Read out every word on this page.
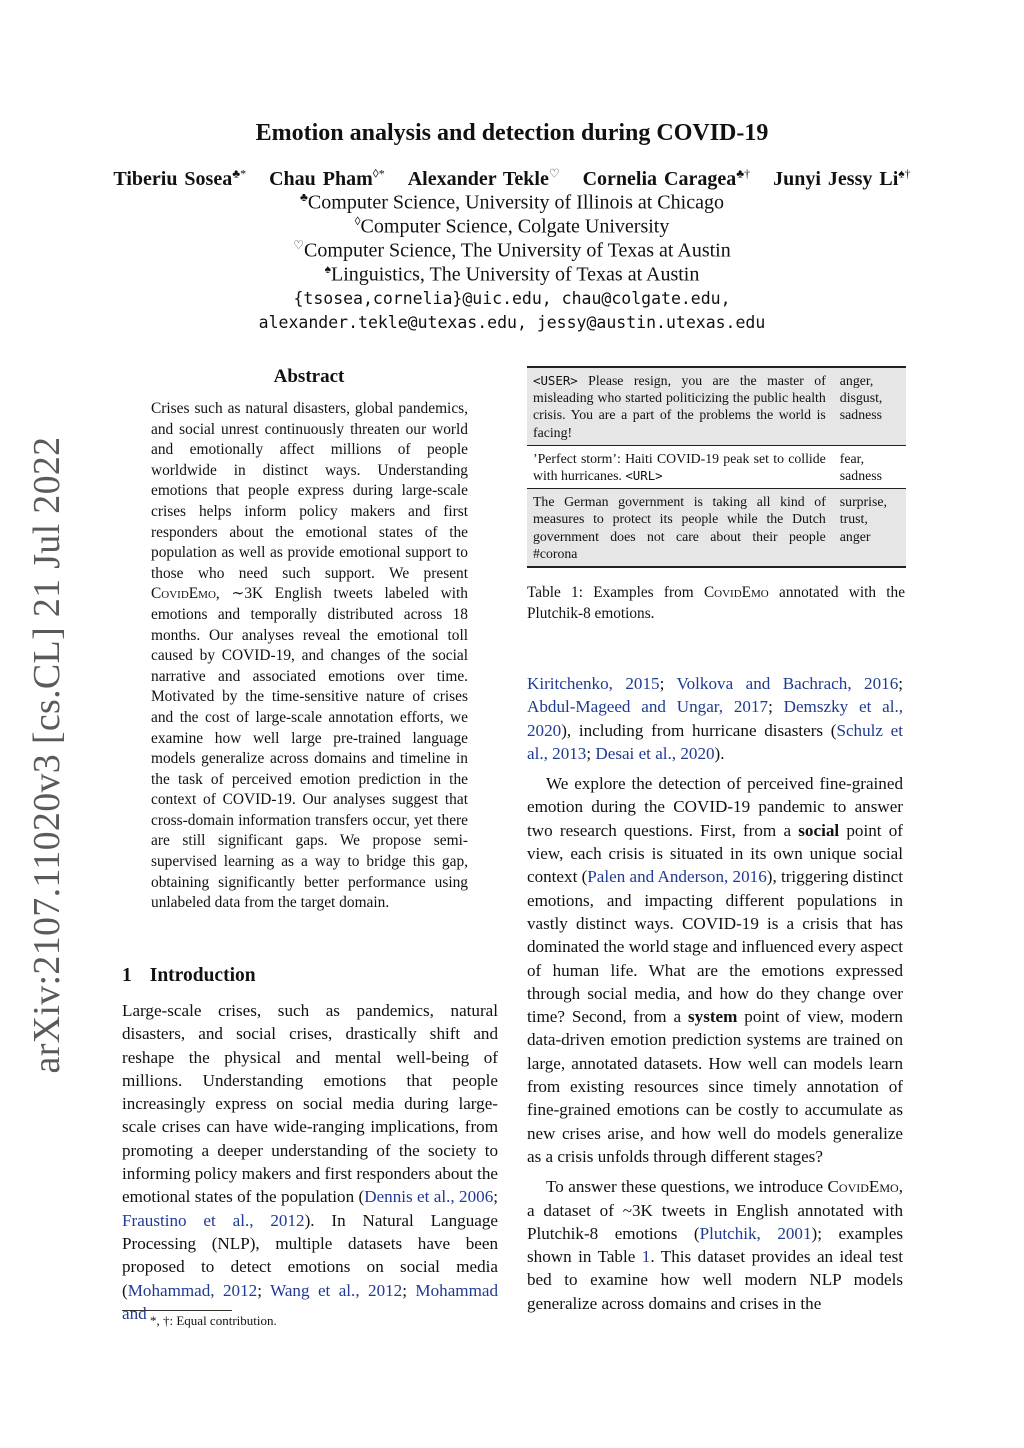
arXiv:2107.11020v3 [cs.CL] 21 Jul 2022
Emotion analysis and detection during COVID-19
Tiberiu Sosea♣* Chau Pham◊* Alexander Tekle♡ Cornelia Caragea♣† Junyi Jessy Li♠†
♣Computer Science, University of Illinois at Chicago
◊Computer Science, Colgate University
♡Computer Science, The University of Texas at Austin
♠Linguistics, The University of Texas at Austin
{tsosea,cornelia}@uic.edu, chau@colgate.edu,
alexander.tekle@utexas.edu, jessy@austin.utexas.edu
Abstract
Crises such as natural disasters, global pandemics, and social unrest continuously threaten our world and emotionally affect millions of people worldwide in distinct ways. Understanding emotions that people express during large-scale crises helps inform policy makers and first responders about the emotional states of the population as well as provide emotional support to those who need such support. We present CovidEmo, ∼3K English tweets labeled with emotions and temporally distributed across 18 months. Our analyses reveal the emotional toll caused by COVID-19, and changes of the social narrative and associated emotions over time. Motivated by the time-sensitive nature of crises and the cost of large-scale annotation efforts, we examine how well large pre-trained language models generalize across domains and timeline in the task of perceived emotion prediction in the context of COVID-19. Our analyses suggest that cross-domain information transfers occur, yet there are still significant gaps. We propose semi-supervised learning as a way to bridge this gap, obtaining significantly better performance using unlabeled data from the target domain.
1 Introduction
Large-scale crises, such as pandemics, natural disasters, and social crises, drastically shift and reshape the physical and mental well-being of millions. Understanding emotions that people increasingly express on social media during large-scale crises can have wide-ranging implications, from promoting a deeper understanding of the society to informing policy makers and first responders about the emotional states of the population (Dennis et al., 2006; Fraustino et al., 2012). In Natural Language Processing (NLP), multiple datasets have been proposed to detect emotions on social media (Mohammad, 2012; Wang et al., 2012; Mohammad and *, †: Equal contribution.
<USER> Please resign, you are the master of misleading who started politicizing the public health crisis. You are a part of the problems the world is facing!	anger, disgust, sadness
’Perfect storm’: Haiti COVID-19 peak set to collide with hurricanes. <URL>	fear, sadness
The German government is taking all kind of measures to protect its people while the Dutch government does not care about their people #corona	surprise, trust, anger
Table 1: Examples from CovidEmo annotated with the Plutchik-8 emotions.

Kiritchenko, 2015; Volkova and Bachrach, 2016; Abdul-Mageed and Ungar, 2017; Demszky et al., 2020), including from hurricane disasters (Schulz et al., 2013; Desai et al., 2020).

We explore the detection of perceived fine-grained emotion during the COVID-19 pandemic to answer two research questions. First, from a social point of view, each crisis is situated in its own unique social context (Palen and Anderson, 2016), triggering distinct emotions, and impacting different populations in vastly distinct ways. COVID-19 is a crisis that has dominated the world stage and influenced every aspect of human life. What are the emotions expressed through social media, and how do they change over time? Second, from a system point of view, modern data-driven emotion prediction systems are trained on large, annotated datasets. How well can models learn from existing resources since timely annotation of fine-grained emotions can be costly to accumulate as new crises arise, and how well do models generalize as a crisis unfolds through different stages?

To answer these questions, we introduce CovidEmo, a dataset of ~3K tweets in English annotated with Plutchik-8 emotions (Plutchik, 2001); examples shown in Table 1. This dataset provides an ideal test bed to examine how well modern NLP models generalize across domains and crises in the
